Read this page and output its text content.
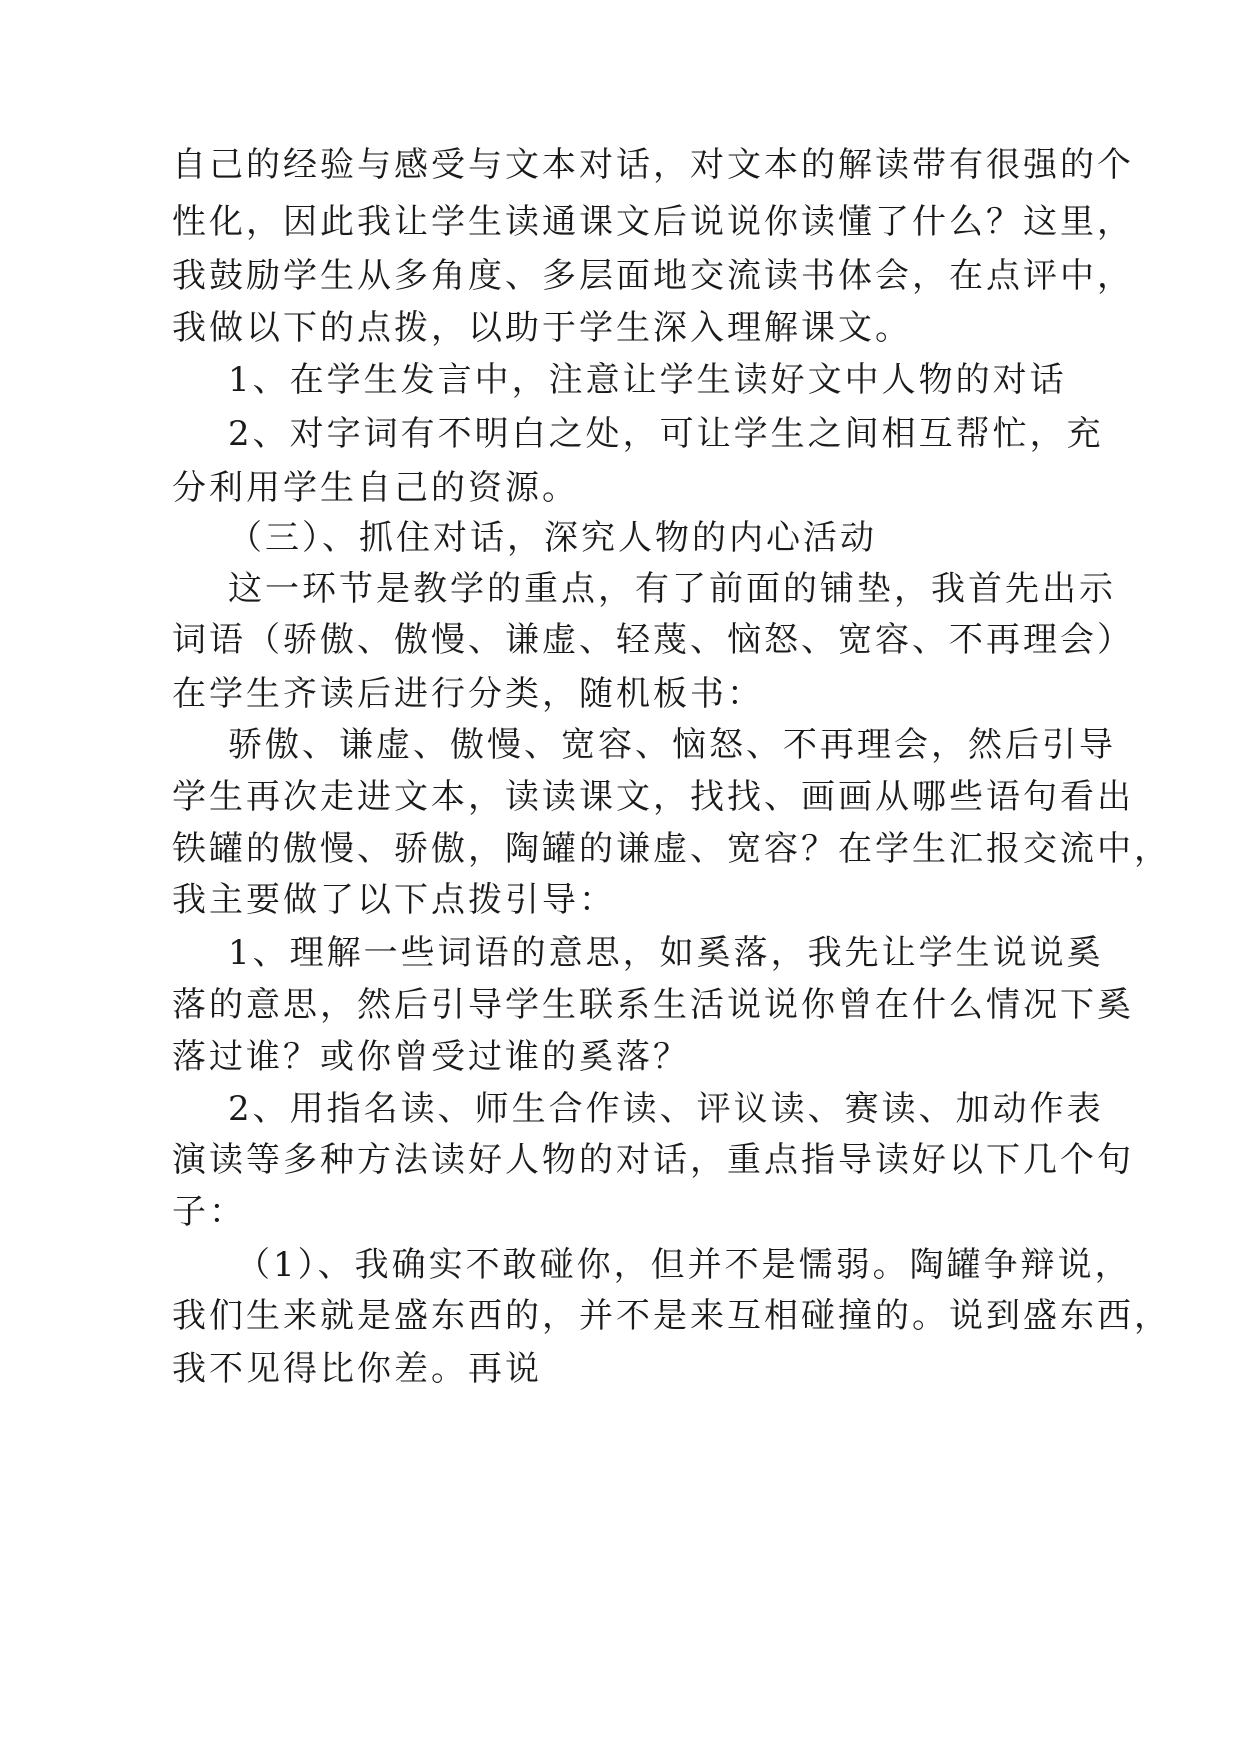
自己的经验与感受与文本对话，对文本的解读带有很强的个
性化，因此我让学生读通课文后说说你读懂了什么？这里，
我鼓励学生从多角度、多层面地交流读书体会，在点评中，
我做以下的点拨，以助于学生深入理解课文。
1、在学生发言中，注意让学生读好文中人物的对话
2、对字词有不明白之处，可让学生之间相互帮忙，充
分利用学生自己的资源。
（三）、抓住对话，深究人物的内心活动
这一环节是教学的重点，有了前面的铺垫，我首先出示
词语（骄傲、傲慢、谦虚、轻蔑、恼怒、宽容、不再理会）
在学生齐读后进行分类，随机板书：
骄傲、谦虚、傲慢、宽容、恼怒、不再理会，然后引导
学生再次走进文本，读读课文，找找、画画从哪些语句看出
铁罐的傲慢、骄傲，陶罐的谦虚、宽容？在学生汇报交流中，
我主要做了以下点拨引导：
1、理解一些词语的意思，如奚落，我先让学生说说奚
落的意思，然后引导学生联系生活说说你曾在什么情况下奚
落过谁？或你曾受过谁的奚落？
2、用指名读、师生合作读、评议读、赛读、加动作表
演读等多种方法读好人物的对话，重点指导读好以下几个句
子：
（1）、我确实不敢碰你，但并不是懦弱。陶罐争辩说，
我们生来就是盛东西的，并不是来互相碰撞的。说到盛东西，
我不见得比你差。再说
